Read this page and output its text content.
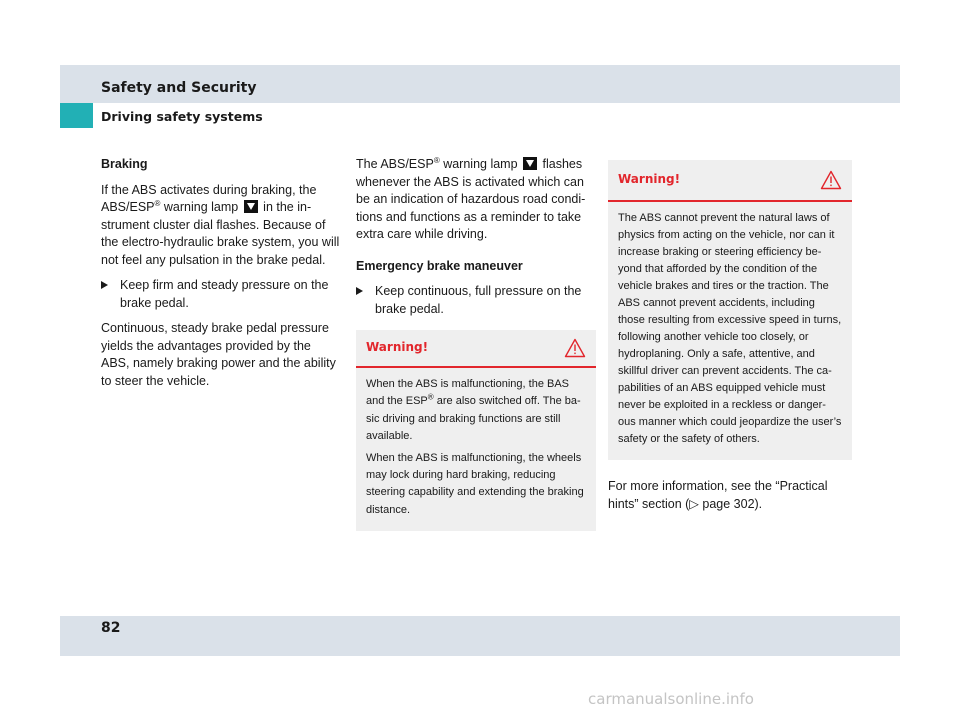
Safety and Security
Driving safety systems

Braking

If the ABS activates during braking, the ABS/ESP® warning lamp  in the in-strument cluster dial flashes. Because of the electro-hydraulic brake system, you will not feel any pulsation in the brake pedal.

Keep firm and steady pressure on the brake pedal.

Continuous, steady brake pedal pressure yields the advantages provided by the ABS, namely braking power and the ability to steer the vehicle.

The ABS/ESP® warning lamp  flashes whenever the ABS is activated which can be an indication of hazardous road condi-tions and functions as a reminder to take extra care while driving.

Emergency brake maneuver

Keep continuous, full pressure on the brake pedal.
Warning!

When the ABS is malfunctioning, the BAS and the ESP® are also switched off. The ba-sic driving and braking functions are still available.

When the ABS is malfunctioning, the wheels may lock during hard braking, reducing steering capability and extending the braking distance.

Warning!

The ABS cannot prevent the natural laws of physics from acting on the vehicle, nor can it increase braking or steering efficiency be-yond that afforded by the condition of the vehicle brakes and tires or the traction. The ABS cannot prevent accidents, including those resulting from excessive speed in turns, following another vehicle too closely, or hydroplaning. Only a safe, attentive, and skillful driver can prevent accidents. The ca-pabilities of an ABS equipped vehicle must never be exploited in a reckless or danger-ous manner which could jeopardize the user’s safety or the safety of others.

For more information, see the “Practical hints” section (▷ page 302).

82

carmanualsonline.info
